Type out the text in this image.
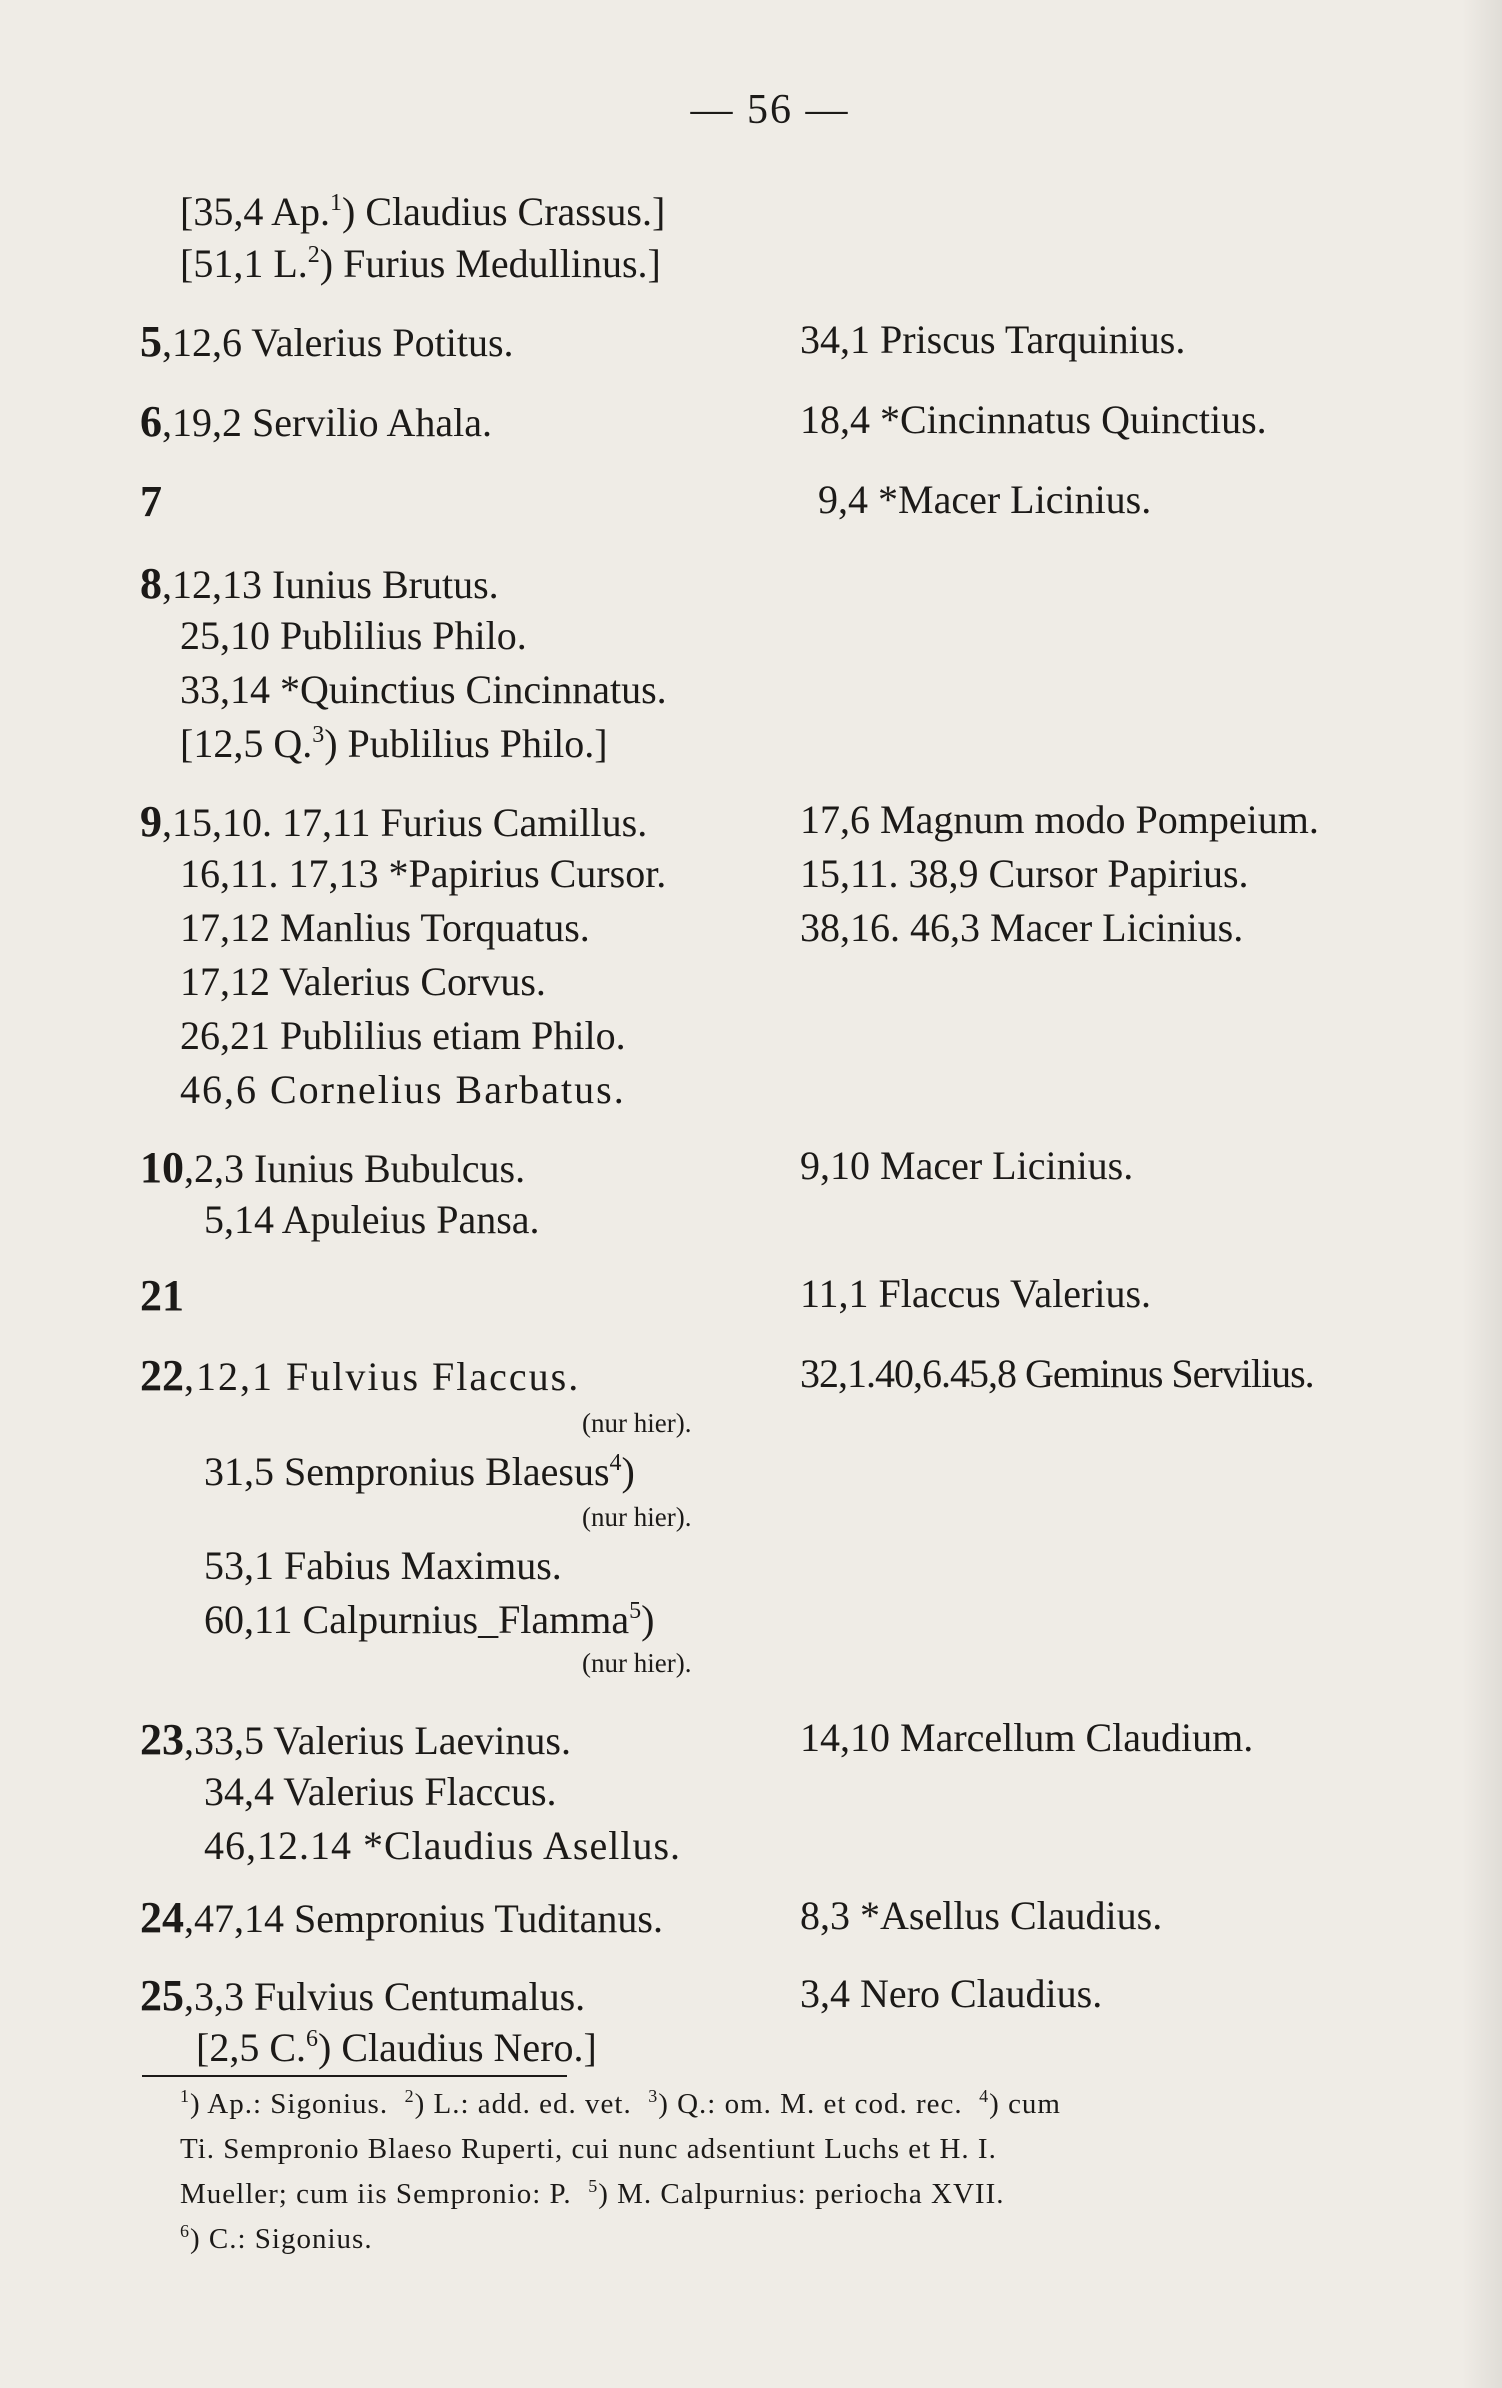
— 56 —
[35,4 Ap.$^1$) Claudius Crassus.]
[51,1 L.$^2$) Furius Medullinus.]
5,12,6 Valerius Potitus.	34,1 Priscus Tarquinius.
6,19,2 Servilio Ahala.	18,4 *Cincinnatus Quinctius.
7	9,4 *Macer Licinius.
8,12,13 Iunius Brutus.
25,10 Publilius Philo.
33,14 *Quinctius Cincinnatus.
[12,5 Q.$^3$) Publilius Philo.]
9,15,10. 17,11 Furius Camillus.	17,6 Magnum modo Pompeium.
16,11. 17,13 *Papirius Cursor.	15,11. 38,9 Cursor Papirius.
17,12 Manlius Torquatus.	38,16. 46,3 Macer Licinius.
17,12 Valerius Corvus.
26,21 Publilius etiam Philo.
46,6 Cornelius Barbatus.
10,2,3 Iunius Bubulcus.	9,10 Macer Licinius.
5,14 Apuleius Pansa.
21	11,1 Flaccus Valerius.
22,12,1 Fulvius Flaccus.	32,1.40,6.45,8 Geminus Servilius.
(nur hier).
31,5 Sempronius Blaesus$^4$)
(nur hier).
53,1 Fabius Maximus.
60,11 Calpurnius_Flamma$^5$)
(nur hier).
23,33,5 Valerius Laevinus.	14,10 Marcellum Claudium.
34,4 Valerius Flaccus.
46,12.14 *Claudius Asellus.
24,47,14 Sempronius Tuditanus.	8,3 *Asellus Claudius.
25,3,3 Fulvius Centumalus.	3,4 Nero Claudius.
[2,5 C.$^6$) Claudius Nero.]
$^1$) Ap.: Sigonius. $^2$) L.: add. ed. vet. $^3$) Q.: om. M. et cod. rec. $^4$) cum
Ti. Sempronio Blaeso Ruperti, cui nunc adsentiunt Luchs et H. I.
Mueller; cum iis Sempronio: P. $^5$) M. Calpurnius: periocha XVII.
$^6$) C.: Sigonius.
